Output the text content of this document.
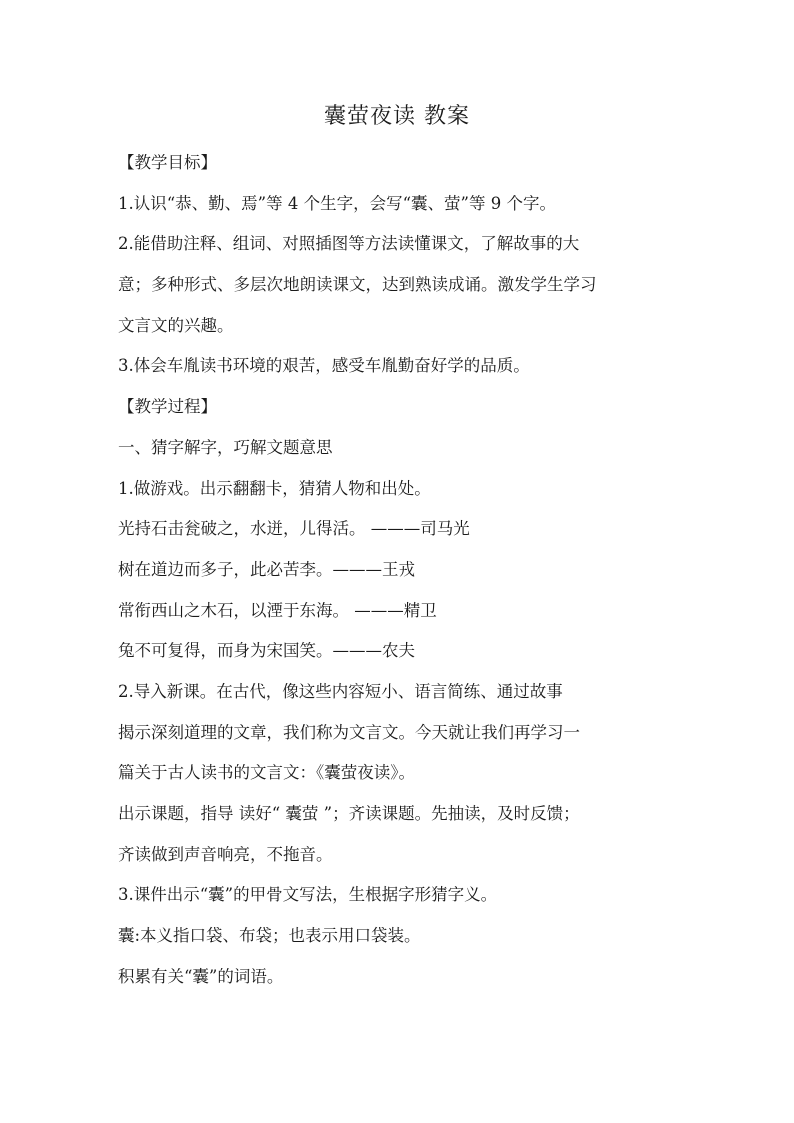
囊萤夜读 教案
【教学目标】
1.认识“恭、勤、焉”等 4 个生字，会写“囊、萤”等 9 个字。
2.能借助注释、组词、对照插图等方法读懂课文，了解故事的大
意；多种形式、多层次地朗读课文，达到熟读成诵。激发学生学习
文言文的兴趣。
3.体会车胤读书环境的艰苦，感受车胤勤奋好学的品质。
【教学过程】
一、猜字解字，巧解文题意思
1.做游戏。出示翻翻卡，猜猜人物和出处。
光持石击瓮破之，水迸，儿得活。 ———司马光
树在道边而多子，此必苦李。———王戎
常衔西山之木石，以湮于东海。 ———精卫
兔不可复得，而身为宋国笑。———农夫
2.导入新课。在古代，像这些内容短小、语言简练、通过故事
揭示深刻道理的文章，我们称为文言文。今天就让我们再学习一
篇关于古人读书的文言文：《囊萤夜读》。
出示课题，指导 读好“ 囊萤 ”；齐读课题。先抽读，及时反馈；
齐读做到声音响亮，不拖音。
3.课件出示“囊”的甲骨文写法，生根据字形猜字义。
囊:本义指口袋、布袋；也表示用口袋装。
积累有关“囊”的词语。
